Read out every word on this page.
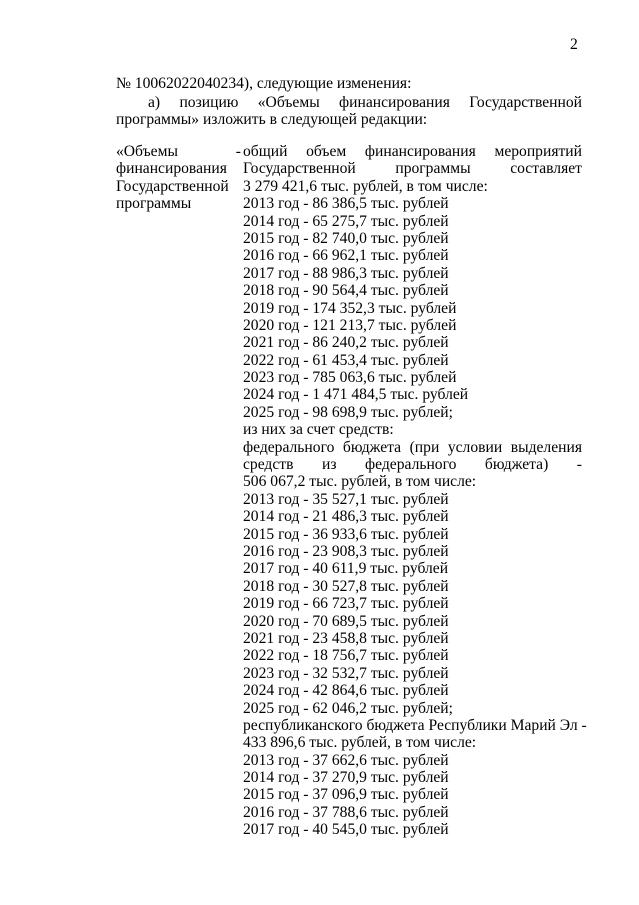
2
№ 10062022040234), следующие изменения:
а) позицию «Объемы финансирования Государственной
программы» изложить в следующей редакции:
«Объемы	-
финансирования
Государственной
программы
общий объем финансирования мероприятий
Государственной программы составляет
3 279 421,6 тыс. рублей, в том числе:
2013 год - 86 386,5 тыс. рублей
2014 год - 65 275,7 тыс. рублей
2015 год - 82 740,0 тыс. рублей
2016 год - 66 962,1 тыс. рублей
2017 год - 88 986,3 тыс. рублей
2018 год - 90 564,4 тыс. рублей
2019 год - 174 352,3 тыс. рублей
2020 год - 121 213,7 тыс. рублей
2021 год - 86 240,2 тыс. рублей
2022 год - 61 453,4 тыс. рублей
2023 год - 785 063,6 тыс. рублей
2024 год - 1 471 484,5 тыс. рублей
2025 год - 98 698,9 тыс. рублей;
из них за счет средств:
федерального бюджета (при условии выделения
средств из федерального бюджета) -
506 067,2 тыс. рублей, в том числе:
2013 год - 35 527,1 тыс. рублей
2014 год - 21 486,3 тыс. рублей
2015 год - 36 933,6 тыс. рублей
2016 год - 23 908,3 тыс. рублей
2017 год - 40 611,9 тыс. рублей
2018 год - 30 527,8 тыс. рублей
2019 год - 66 723,7 тыс. рублей
2020 год - 70 689,5 тыс. рублей
2021 год - 23 458,8 тыс. рублей
2022 год - 18 756,7 тыс. рублей
2023 год - 32 532,7 тыс. рублей
2024 год - 42 864,6 тыс. рублей
2025 год - 62 046,2 тыс. рублей;
республиканского бюджета Республики Марий Эл -
433 896,6 тыс. рублей, в том числе:
2013 год - 37 662,6 тыс. рублей
2014 год - 37 270,9 тыс. рублей
2015 год - 37 096,9 тыс. рублей
2016 год - 37 788,6 тыс. рублей
2017 год - 40 545,0 тыс. рублей
